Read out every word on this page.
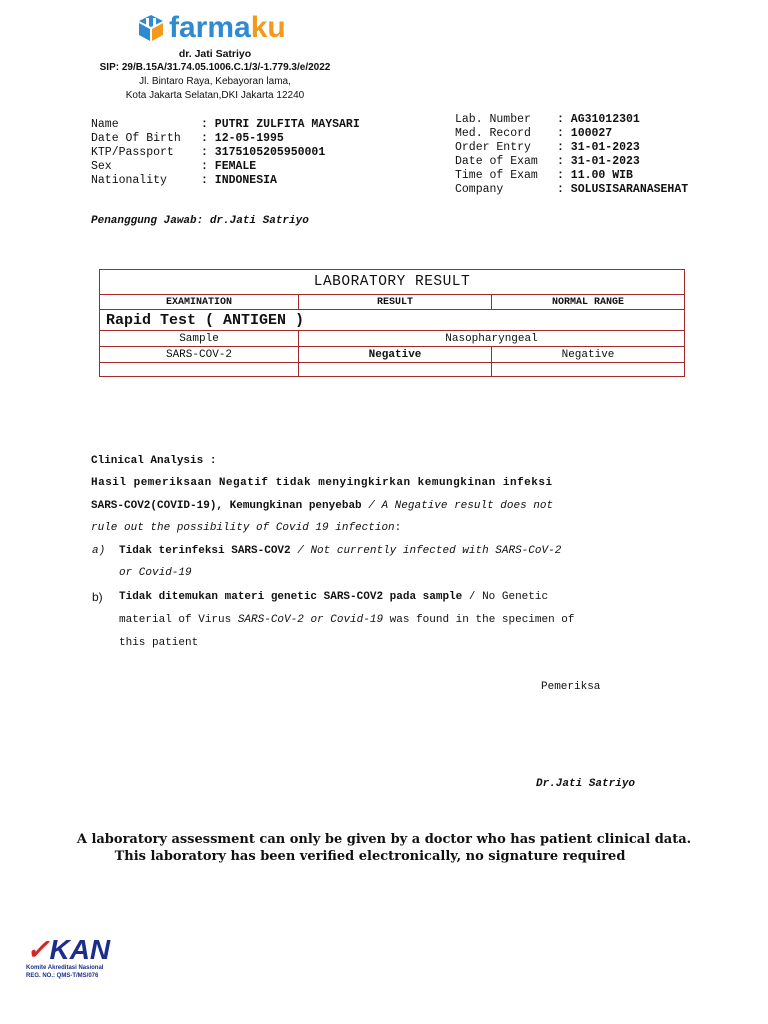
farmaku
dr. Jati Satriyo
SIP: 29/B.15A/31.74.05.1006.C.1/3/-1.779.3/e/2022
Jl. Bintaro Raya, Kebayoran lama,
Kota Jakarta Selatan,DKI Jakarta 12240
Name	: PUTRI ZULFITA MAYSARI
Date Of Birth : 12-05-1995
KTP/Passport : 3175105205950001
Sex	: FEMALE
Nationality	: INDONESIA
Lab. Number : AG31012301
Med. Record : 100027
Order Entry : 31-01-2023
Date of Exam : 31-01-2023
Time of Exam : 11.00 WIB
Company	: SOLUSISARANASEHAT
Penanggung Jawab: dr.Jati Satriyo
LABORATORY RESULT		
EXAMINATION	RESULT	NORMAL RANGE
Rapid Test ( ANTIGEN )		
Sample	Nasopharyngeal	
SARS-COV-2	Negative	Negative

Clinical Analysis :
Hasil pemeriksaan Negatif tidak menyingkirkan kemungkinan infeksi
SARS-COV2(COVID-19), Kemungkinan penyebab / A Negative result does not
rule out the possibility of Covid 19 infection:
a) Tidak terinfeksi SARS-COV2 / Not currently infected with SARS-CoV-2
or Covid-19
b) Tidak ditemukan materi genetic SARS-COV2 pada sample / No Genetic
material of Virus SARS-CoV-2 or Covid-19 was found in the specimen of
this patient
Pemeriksa
Dr.Jati Satriyo
A laboratory assessment can only be given by a doctor who has patient clinical data.
This laboratory has been verified electronically, no signature required
✓KAN
Komite Akreditasi Nasional
REG. NO.: QMS-T/MS/076
